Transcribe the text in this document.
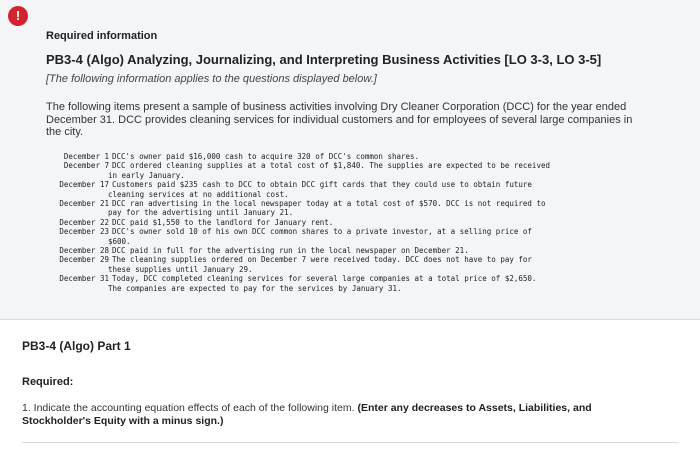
!
Required information
PB3-4 (Algo) Analyzing, Journalizing, and Interpreting Business Activities [LO 3-3, LO 3-5]
[The following information applies to the questions displayed below.]
The following items present a sample of business activities involving Dry Cleaner Corporation (DCC) for the year ended December 31. DCC provides cleaning services for individual customers and for employees of several large companies in the city.
December 1 DCC's owner paid $16,000 cash to acquire 320 of DCC's common shares.
December 7 DCC ordered cleaning supplies at a total cost of $1,840. The supplies are expected to be received
in early January.
December 17 Customers paid $235 cash to DCC to obtain DCC gift cards that they could use to obtain future
cleaning services at no additional cost.
December 21 DCC ran advertising in the local newspaper today at a total cost of $570. DCC is not required to
pay for the advertising until January 21.
December 22 DCC paid $1,550 to the landlord for January rent.
December 23 DCC's owner sold 10 of his own DCC common shares to a private investor, at a selling price of
$600.
December 28 DCC paid in full for the advertising run in the local newspaper on December 21.
December 29 The cleaning supplies ordered on December 7 were received today. DCC does not have to pay for
these supplies until January 29.
December 31 Today, DCC completed cleaning services for several large companies at a total price of $2,650.
The companies are expected to pay for the services by January 31.
PB3-4 (Algo) Part 1
Required:
1. Indicate the accounting equation effects of each of the following item. (Enter any decreases to Assets, Liabilities, and Stockholder's Equity with a minus sign.)
